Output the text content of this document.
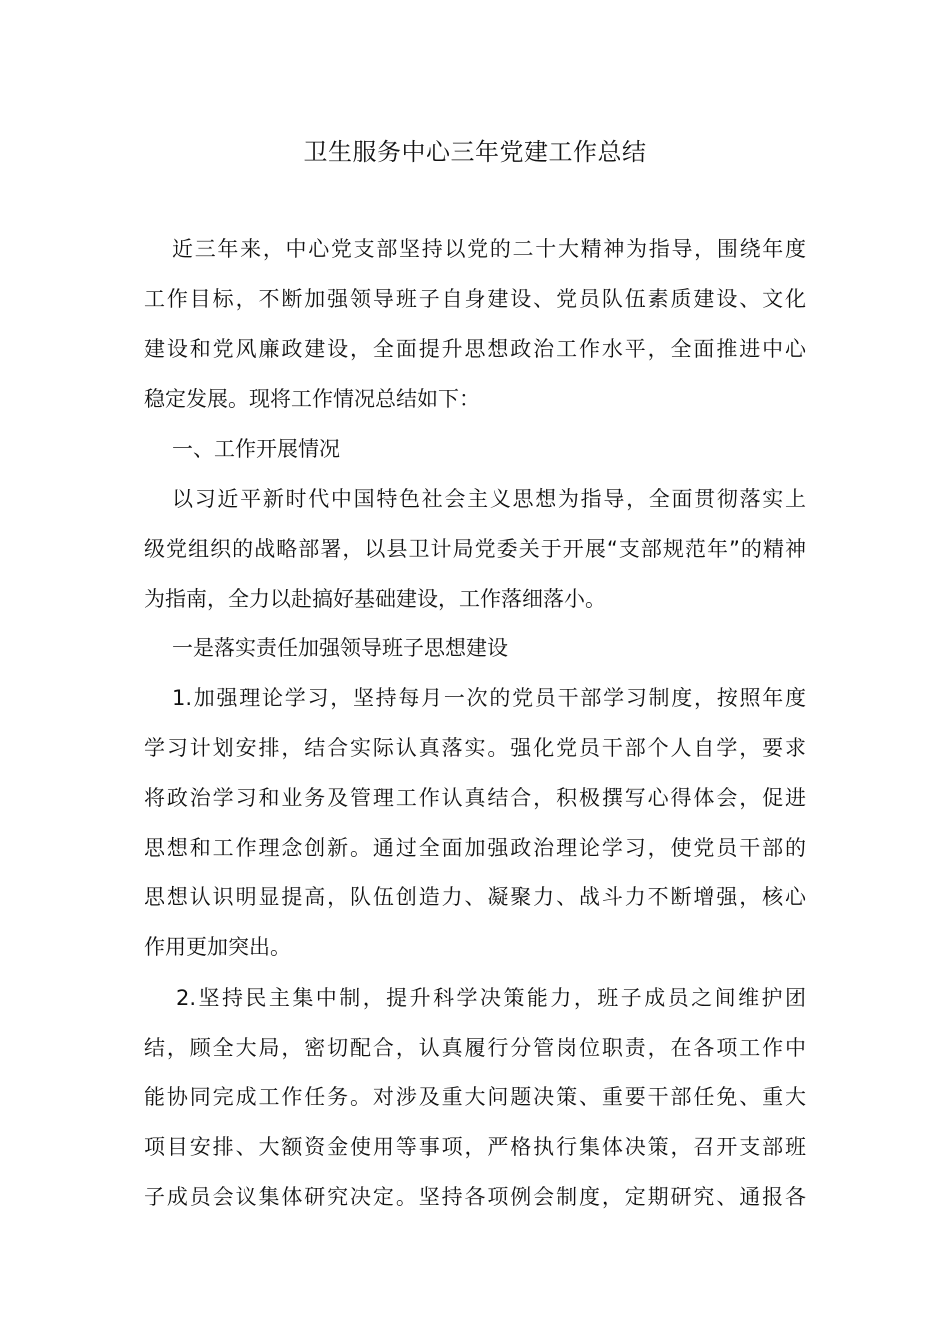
卫生服务中心三年党建工作总结
近三年来，中心党支部坚持以党的二十大精神为指导，围绕年度
工作目标，不断加强领导班子自身建设、党员队伍素质建设、文化
建设和党风廉政建设，全面提升思想政治工作水平，全面推进中心
稳定发展。现将工作情况总结如下：
一、工作开展情况
以习近平新时代中国特色社会主义思想为指导，全面贯彻落实上
级党组织的战略部署，以县卫计局党委关于开展“支部规范年”的精神
为指南，全力以赴搞好基础建设，工作落细落小。
一是落实责任加强领导班子思想建设
1.加强理论学习，坚持每月一次的党员干部学习制度，按照年度
学习计划安排，结合实际认真落实。强化党员干部个人自学，要求
将政治学习和业务及管理工作认真结合，积极撰写心得体会，促进
思想和工作理念创新。通过全面加强政治理论学习，使党员干部的
思想认识明显提高，队伍创造力、凝聚力、战斗力不断增强，核心
作用更加突出。
2.坚持民主集中制，提升科学决策能力，班子成员之间维护团
结，顾全大局，密切配合，认真履行分管岗位职责，在各项工作中
能协同完成工作任务。对涉及重大问题决策、重要干部任免、重大
项目安排、大额资金使用等事项，严格执行集体决策，召开支部班
子成员会议集体研究决定。坚持各项例会制度，定期研究、通报各
